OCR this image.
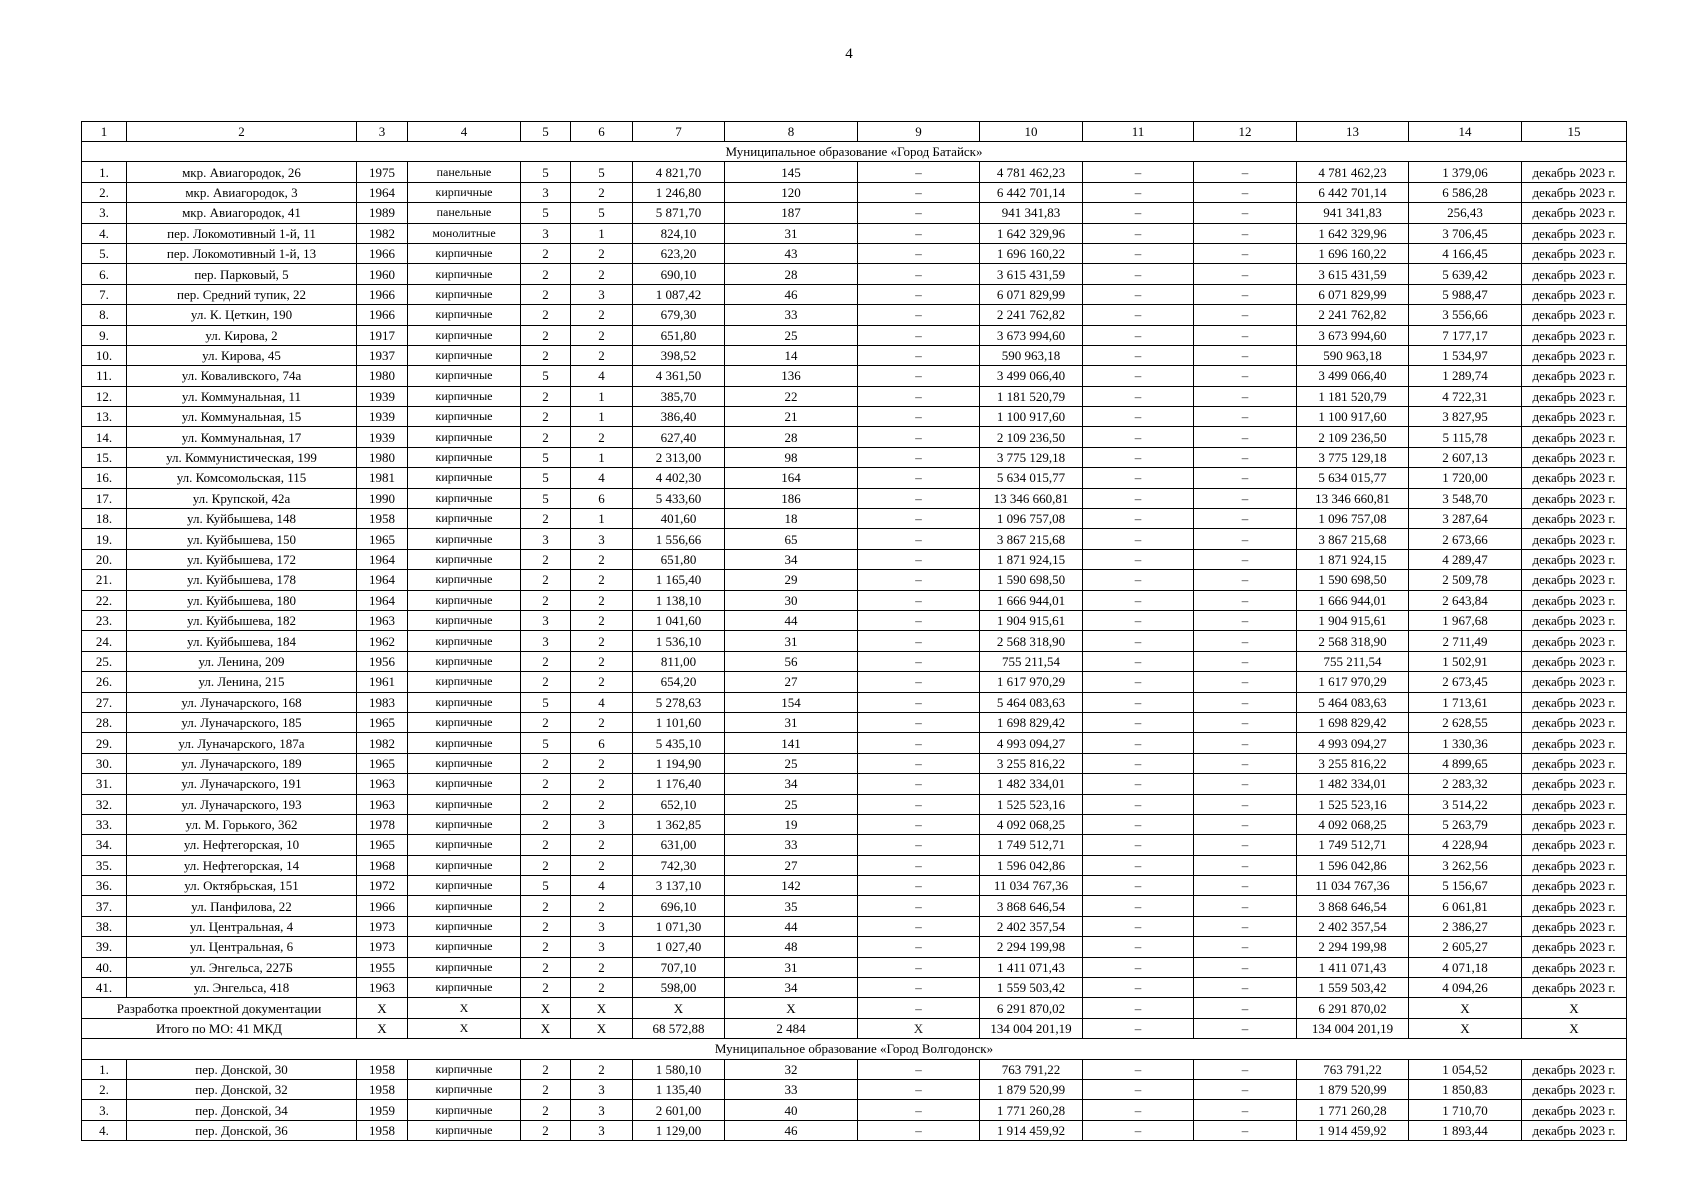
4
1	2	3	4	5	6	7	8	9	10	11	12	13	14	15
Муниципальное образование «Город Батайск»														
1.	мкр. Авиагородок, 26	1975	панельные	5	5	4 821,70	145	–	4 781 462,23	–	–	4 781 462,23	1 379,06	декабрь 2023 г.
2.	мкр. Авиагородок, 3	1964	кирпичные	3	2	1 246,80	120	–	6 442 701,14	–	–	6 442 701,14	6 586,28	декабрь 2023 г.
3.	мкр. Авиагородок, 41	1989	панельные	5	5	5 871,70	187	–	941 341,83	–	–	941 341,83	256,43	декабрь 2023 г.
4.	пер. Локомотивный 1-й, 11	1982	монолитные	3	1	824,10	31	–	1 642 329,96	–	–	1 642 329,96	3 706,45	декабрь 2023 г.
5.	пер. Локомотивный 1-й, 13	1966	кирпичные	2	2	623,20	43	–	1 696 160,22	–	–	1 696 160,22	4 166,45	декабрь 2023 г.
6.	пер. Парковый, 5	1960	кирпичные	2	2	690,10	28	–	3 615 431,59	–	–	3 615 431,59	5 639,42	декабрь 2023 г.
7.	пер. Средний тупик, 22	1966	кирпичные	2	3	1 087,42	46	–	6 071 829,99	–	–	6 071 829,99	5 988,47	декабрь 2023 г.
8.	ул. К. Цеткин, 190	1966	кирпичные	2	2	679,30	33	–	2 241 762,82	–	–	2 241 762,82	3 556,66	декабрь 2023 г.
9.	ул. Кирова, 2	1917	кирпичные	2	2	651,80	25	–	3 673 994,60	–	–	3 673 994,60	7 177,17	декабрь 2023 г.
10.	ул. Кирова, 45	1937	кирпичные	2	2	398,52	14	–	590 963,18	–	–	590 963,18	1 534,97	декабрь 2023 г.
11.	ул. Коваливского, 74а	1980	кирпичные	5	4	4 361,50	136	–	3 499 066,40	–	–	3 499 066,40	1 289,74	декабрь 2023 г.
12.	ул. Коммунальная, 11	1939	кирпичные	2	1	385,70	22	–	1 181 520,79	–	–	1 181 520,79	4 722,31	декабрь 2023 г.
13.	ул. Коммунальная, 15	1939	кирпичные	2	1	386,40	21	–	1 100 917,60	–	–	1 100 917,60	3 827,95	декабрь 2023 г.
14.	ул. Коммунальная, 17	1939	кирпичные	2	2	627,40	28	–	2 109 236,50	–	–	2 109 236,50	5 115,78	декабрь 2023 г.
15.	ул. Коммунистическая, 199	1980	кирпичные	5	1	2 313,00	98	–	3 775 129,18	–	–	3 775 129,18	2 607,13	декабрь 2023 г.
16.	ул. Комсомольская, 115	1981	кирпичные	5	4	4 402,30	164	–	5 634 015,77	–	–	5 634 015,77	1 720,00	декабрь 2023 г.
17.	ул. Крупской, 42а	1990	кирпичные	5	6	5 433,60	186	–	13 346 660,81	–	–	13 346 660,81	3 548,70	декабрь 2023 г.
18.	ул. Куйбышева, 148	1958	кирпичные	2	1	401,60	18	–	1 096 757,08	–	–	1 096 757,08	3 287,64	декабрь 2023 г.
19.	ул. Куйбышева, 150	1965	кирпичные	3	3	1 556,66	65	–	3 867 215,68	–	–	3 867 215,68	2 673,66	декабрь 2023 г.
20.	ул. Куйбышева, 172	1964	кирпичные	2	2	651,80	34	–	1 871 924,15	–	–	1 871 924,15	4 289,47	декабрь 2023 г.
21.	ул. Куйбышева, 178	1964	кирпичные	2	2	1 165,40	29	–	1 590 698,50	–	–	1 590 698,50	2 509,78	декабрь 2023 г.
22.	ул. Куйбышева, 180	1964	кирпичные	2	2	1 138,10	30	–	1 666 944,01	–	–	1 666 944,01	2 643,84	декабрь 2023 г.
23.	ул. Куйбышева, 182	1963	кирпичные	3	2	1 041,60	44	–	1 904 915,61	–	–	1 904 915,61	1 967,68	декабрь 2023 г.
24.	ул. Куйбышева, 184	1962	кирпичные	3	2	1 536,10	31	–	2 568 318,90	–	–	2 568 318,90	2 711,49	декабрь 2023 г.
25.	ул. Ленина, 209	1956	кирпичные	2	2	811,00	56	–	755 211,54	–	–	755 211,54	1 502,91	декабрь 2023 г.
26.	ул. Ленина, 215	1961	кирпичные	2	2	654,20	27	–	1 617 970,29	–	–	1 617 970,29	2 673,45	декабрь 2023 г.
27.	ул. Луначарского, 168	1983	кирпичные	5	4	5 278,63	154	–	5 464 083,63	–	–	5 464 083,63	1 713,61	декабрь 2023 г.
28.	ул. Луначарского, 185	1965	кирпичные	2	2	1 101,60	31	–	1 698 829,42	–	–	1 698 829,42	2 628,55	декабрь 2023 г.
29.	ул. Луначарского, 187а	1982	кирпичные	5	6	5 435,10	141	–	4 993 094,27	–	–	4 993 094,27	1 330,36	декабрь 2023 г.
30.	ул. Луначарского, 189	1965	кирпичные	2	2	1 194,90	25	–	3 255 816,22	–	–	3 255 816,22	4 899,65	декабрь 2023 г.
31.	ул. Луначарского, 191	1963	кирпичные	2	2	1 176,40	34	–	1 482 334,01	–	–	1 482 334,01	2 283,32	декабрь 2023 г.
32.	ул. Луначарского, 193	1963	кирпичные	2	2	652,10	25	–	1 525 523,16	–	–	1 525 523,16	3 514,22	декабрь 2023 г.
33.	ул. М. Горького, 362	1978	кирпичные	2	3	1 362,85	19	–	4 092 068,25	–	–	4 092 068,25	5 263,79	декабрь 2023 г.
34.	ул. Нефтегорская, 10	1965	кирпичные	2	2	631,00	33	–	1 749 512,71	–	–	1 749 512,71	4 228,94	декабрь 2023 г.
35.	ул. Нефтегорская, 14	1968	кирпичные	2	2	742,30	27	–	1 596 042,86	–	–	1 596 042,86	3 262,56	декабрь 2023 г.
36.	ул. Октябрьская, 151	1972	кирпичные	5	4	3 137,10	142	–	11 034 767,36	–	–	11 034 767,36	5 156,67	декабрь 2023 г.
37.	ул. Панфилова, 22	1966	кирпичные	2	2	696,10	35	–	3 868 646,54	–	–	3 868 646,54	6 061,81	декабрь 2023 г.
38.	ул. Центральная, 4	1973	кирпичные	2	3	1 071,30	44	–	2 402 357,54	–	–	2 402 357,54	2 386,27	декабрь 2023 г.
39.	ул. Центральная, 6	1973	кирпичные	2	3	1 027,40	48	–	2 294 199,98	–	–	2 294 199,98	2 605,27	декабрь 2023 г.
40.	ул. Энгельса, 227Б	1955	кирпичные	2	2	707,10	31	–	1 411 071,43	–	–	1 411 071,43	4 071,18	декабрь 2023 г.
41.	ул. Энгельса, 418	1963	кирпичные	2	2	598,00	34	–	1 559 503,42	–	–	1 559 503,42	4 094,26	декабрь 2023 г.
Разработка проектной документации		X	X	X	X	X	X	–	6 291 870,02	–	–	6 291 870,02	X	X
Итого по МО: 41 МКД		X	X	X	X	68 572,88	2 484	X	134 004 201,19	–	–	134 004 201,19	X	X
Муниципальное образование «Город Волгодонск»														
1.	пер. Донской, 30	1958	кирпичные	2	2	1 580,10	32	–	763 791,22	–	–	763 791,22	1 054,52	декабрь 2023 г.
2.	пер. Донской, 32	1958	кирпичные	2	3	1 135,40	33	–	1 879 520,99	–	–	1 879 520,99	1 850,83	декабрь 2023 г.
3.	пер. Донской, 34	1959	кирпичные	2	3	2 601,00	40	–	1 771 260,28	–	–	1 771 260,28	1 710,70	декабрь 2023 г.
4.	пер. Донской, 36	1958	кирпичные	2	3	1 129,00	46	–	1 914 459,92	–	–	1 914 459,92	1 893,44	декабрь 2023 г.
